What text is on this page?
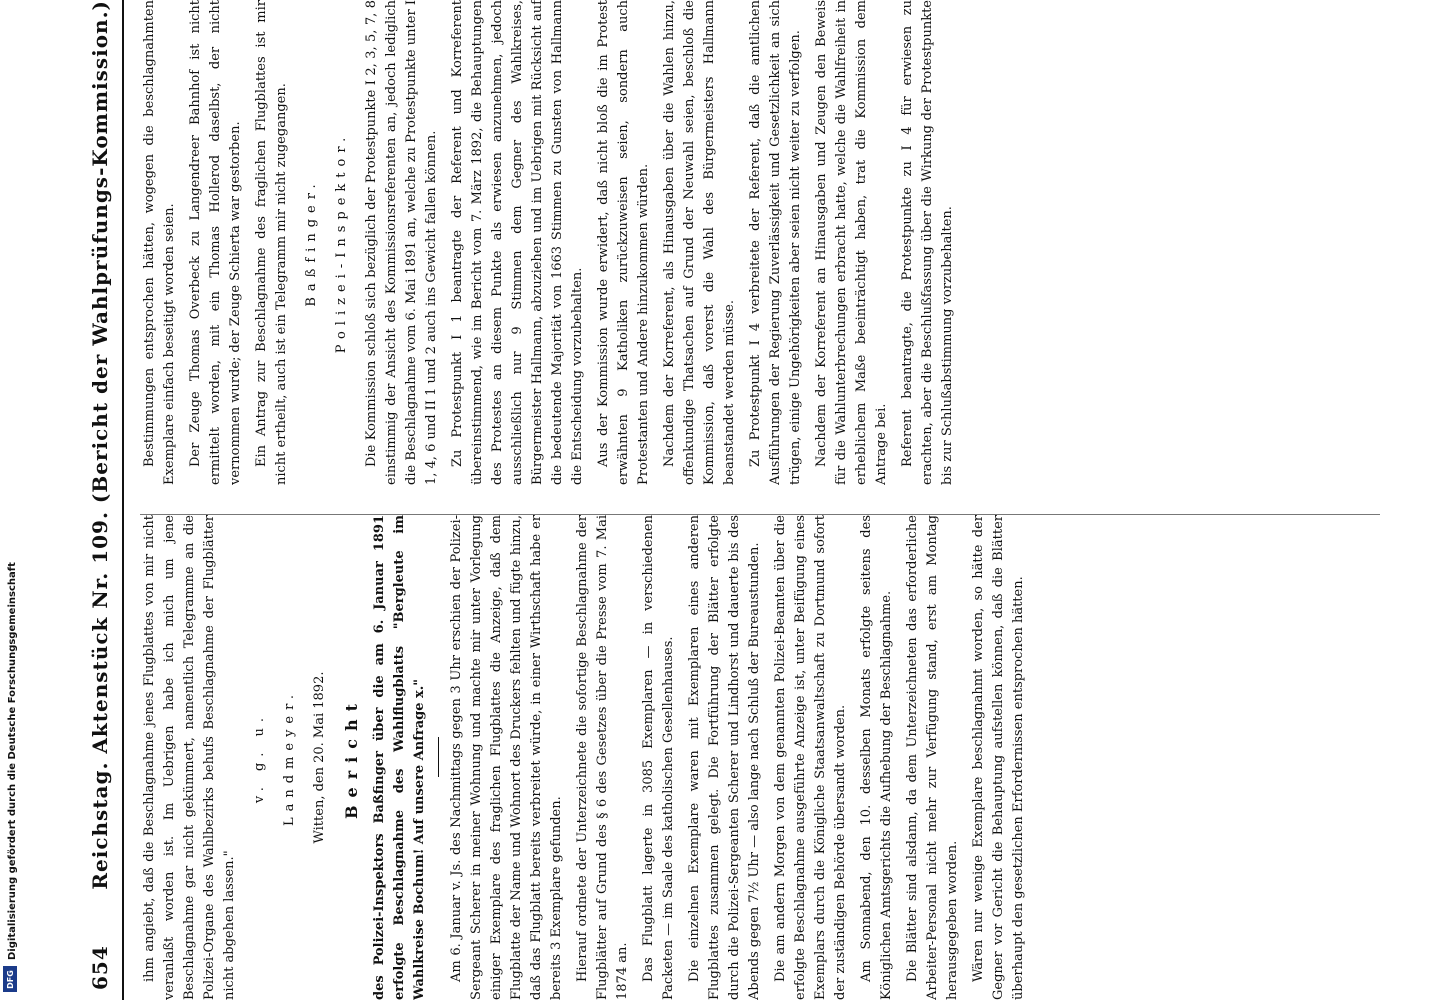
Digitalisierung gefördert durch die Deutsche Forschungsgemeinschaft
DFG	654
Reichstag. Aktenstück Nr. 109. (Bericht der Wahlprüfungs-Kommission.) ihm angiebt, daß die Beschlagnahme jenes Flugblattes von mir nicht veranlaßt worden ist. Im Uebrigen habe ich mich um jene Beschlagnahme gar nicht gekümmert, namentlich Telegramme an die Polizei-Organe des Wahlbezirks behufs Beschlagnahme der Flugblätter nicht abgehen lassen."

v. g. u. Landmeyer. Witten, den 20. Mai 1892. Bericht des Polizei-Inspektors Baßfinger über die am 6. Januar 1891 erfolgte Beschlagnahme des Wahlflugblatts "Bergleute im Wahlkreise Bochum! Auf unsere Anfrage x." Am 6. Januar v. Js. des Nachmittags gegen 3 Uhr erschien der Polizei-Sergeant Scherer in meiner Wohnung und machte mir unter Vorlegung einiger Exemplare des fraglichen Flugblattes die Anzeige, daß dem Flugblatte der Name und Wohnort des Druckers fehlten und fügte hinzu, daß das Flugblatt bereits verbreitet würde, in einer Wirthschaft habe er bereits 3 Exemplare gefunden. Hierauf ordnete der Unterzeichnete die sofortige Beschlagnahme der Flugblätter auf Grund des § 6 des Gesetzes über die Presse vom 7. Mai 1874 an. Das Flugblatt lagerte in 3085 Exemplaren — in verschiedenen Packeten — im Saale des katholischen Gesellenhauses. Die einzelnen Exemplare waren mit Exemplaren eines anderen Flugblattes zusammen gelegt. Die Fortführung der Blätter erfolgte durch die Polizei-Sergeanten Scherer und Lindhorst und dauerte bis des Abends gegen 7½ Uhr — also lange nach Schluß der Bureaustunden. Die am andern Morgen von dem genannten Polizei-Beamten über die erfolgte Beschlagnahme ausgeführte Anzeige ist, unter Beifügung eines Exemplars durch die Königliche Staatsanwaltschaft zu Dortmund sofort der zuständigen Behörde übersandt worden. Am Sonnabend, den 10. desselben Monats erfolgte seitens des Königlichen Amtsgerichts die Aufhebung der Beschlagnahme. Die Blätter sind alsdann, da dem Unterzeichneten das erforderliche Arbeiter-Personal nicht mehr zur Verfügung stand, erst am Montag herausgegeben worden. Wären nur wenige Exemplare beschlagnahmt worden, so hätte der Gegner vor Gericht die Behauptung aufstellen können, daß die Blätter überhaupt den gesetzlichen Erfordernissen entsprochen hätten.

Bestimmungen entsprochen hätten, wogegen die beschlagnahmten Exemplare einfach beseitigt worden seien. Der Zeuge Thomas Overbeck zu Langendreer Bahnhof ist nicht ermittelt worden, mit ein Thomas Hollerod daselbst, der nicht vernommen wurde; der Zeuge Schierta war gestorben. Ein Antrag zur Beschlagnahme des fraglichen Flugblattes ist mir nicht ertheilt, auch ist ein Telegramm mir nicht zugegangen. Baßfinger. Polizei-Inspektor. Die Kommission schloß sich bezüglich der Protestpunkte I 2, 3, 5, 7, 8 einstimmig der Ansicht des Kommissionsreferenten an, jedoch lediglich die Beschlagnahme vom 6. Mai 1891 an, welche zu Protestpunkte unter I 1, 4, 6 und II 1 und 2 auch ins Gewicht fallen können. Zu Protestpunkt I 1 beantragte der Referent und Korreferent übereinstimmend, wie im Bericht vom 7. März 1892, die Behauptungen des Protestes an diesem Punkte als erwiesen anzunehmen, jedoch ausschließlich nur 9 Stimmen dem Gegner des Wahlkreises, Bürgermeister Hallmann, abzuziehen und im Uebrigen mit Rücksicht auf die bedeutende Majorität von 1663 Stimmen zu Gunsten von Hallmann die Entscheidung vorzubehalten. Aus der Kommission wurde erwidert, daß nicht bloß die im Protest erwähnten 9 Katholiken zurückzuweisen seien, sondern auch Protestanten und Andere hinzukommen würden. Nachdem der Korreferent, als Hinausgaben über die Wahlen hinzu, offenkundige Thatsachen auf Grund der Neuwahl seien, beschloß die Kommission, daß vorerst die Wahl des Bürgermeisters Hallmann beanstandet werden müsse. Zu Protestpunkt I 4 verbreitete der Referent, daß die amtlichen Ausführungen der Regierung Zuverlässigkeit und Gesetzlichkeit an sich trügen, einige Ungehörigkeiten aber seien nicht weiter zu verfolgen. Nachdem der Korreferent an Hinausgaben und Zeugen den Beweis für die Wahlunterbrechungen erbracht hatte, welche die Wahlfreiheit in erheblichem Maße beeinträchtigt haben, trat die Kommission dem Antrage bei. Referent beantragte, die Protestpunkte zu I 4 für erwiesen zu erachten, aber die Beschlußfassung über die Wirkung der Protestpunkte bis zur Schlußabstimmung vorzubehalten.
